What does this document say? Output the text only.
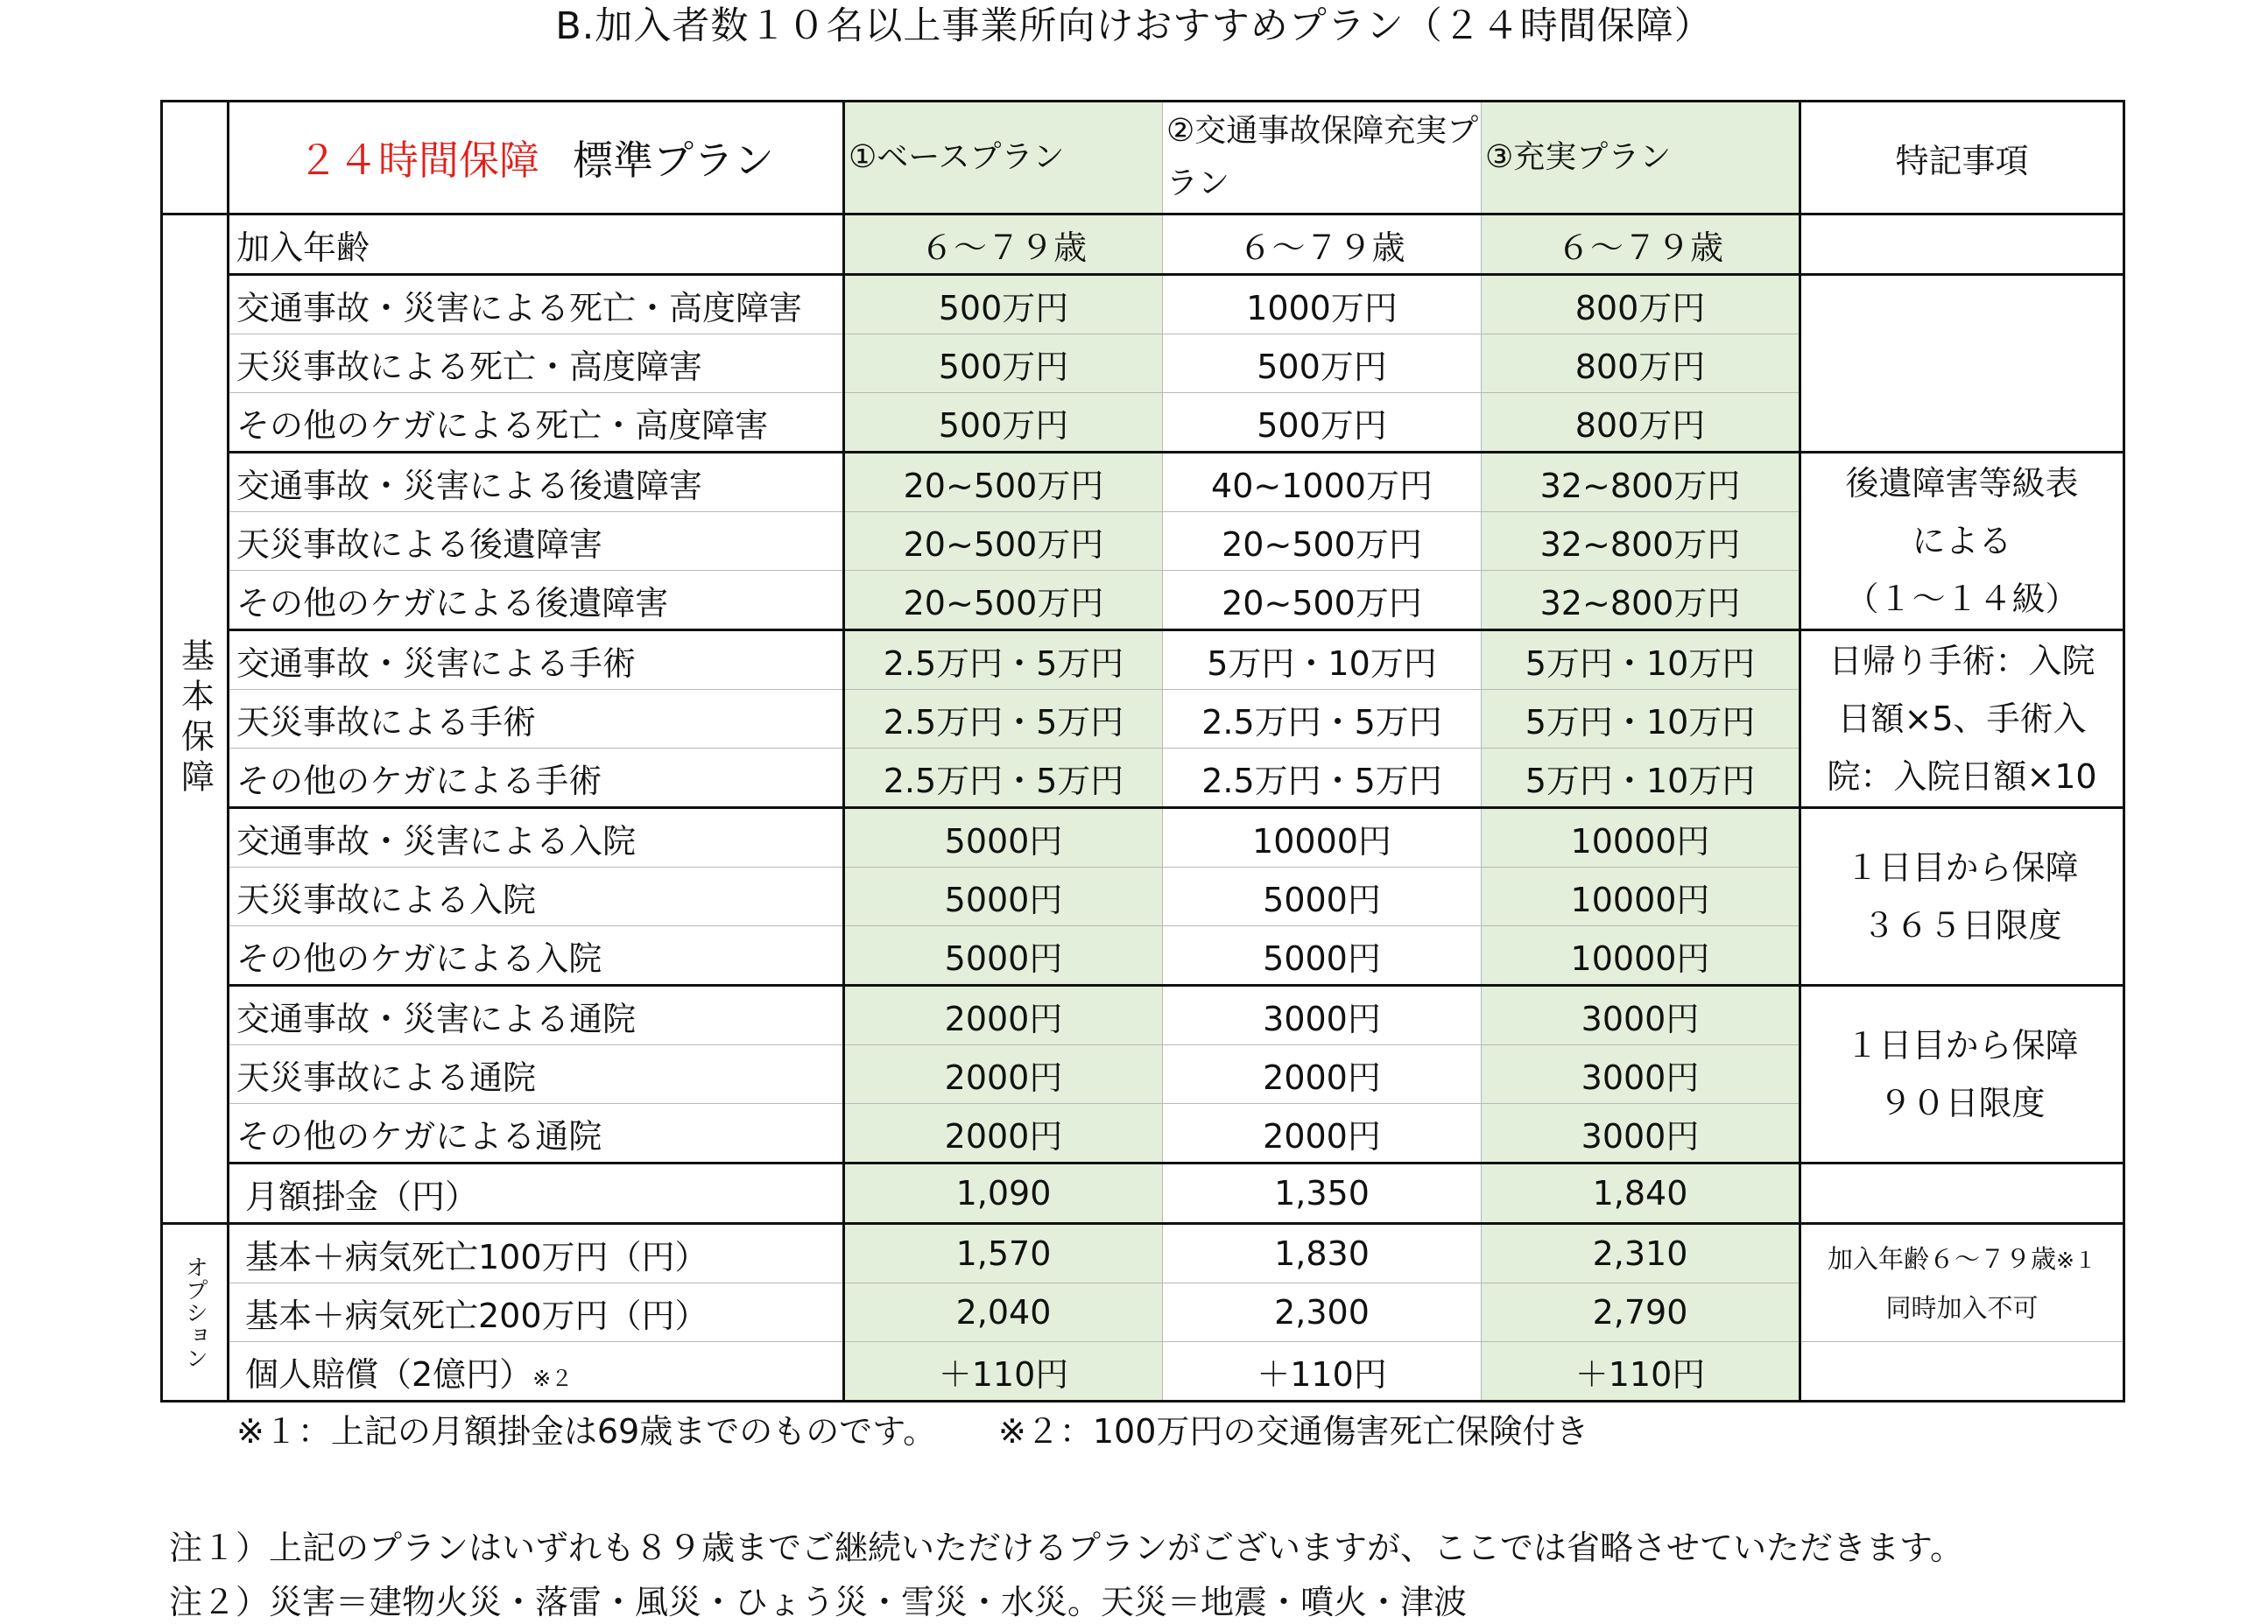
B.加入者数１０名以上事業所向けおすすめプラン（２４時間保障）
	２４時間保障　 標準プラン	①ベースプラン	②交通事故保障充実プラン	③充実プラン	特記事項
基本保障	加入年齢	６～７９歳	６～７９歳	６～７９歳	
	交通事故・災害による死亡・高度障害	500万円	1000万円	800万円	
	天災事故による死亡・高度障害	500万円	500万円	800万円	
	その他のケガによる死亡・高度障害	500万円	500万円	800万円	
	交通事故・災害による後遺障害	20~500万円	40~1000万円	32~800万円	後遺障害等級表
による
（１～１４級）

	天災事故による後遺障害	20~500万円	20~500万円	32~800万円	
	その他のケガによる後遺障害	20~500万円	20~500万円	32~800万円	
	交通事故・災害による手術	2.5万円・5万円	5万円・10万円	5万円・10万円	日帰り手術：入院
日額×5、手術入
院：入院日額×10

	天災事故による手術	2.5万円・5万円	2.5万円・5万円	5万円・10万円	
	その他のケガによる手術	2.5万円・5万円	2.5万円・5万円	5万円・10万円	
	交通事故・災害による入院	5000円	10000円	10000円	１日目から保障
３６５日限度

	天災事故による入院	5000円	5000円	10000円	
	その他のケガによる入院	5000円	5000円	10000円	
	交通事故・災害による通院	2000円	3000円	3000円	１日目から保障
９０日限度

	天災事故による通院	2000円	2000円	3000円	
	その他のケガによる通院	2000円	2000円	3000円	
	月額掛金（円）	1,090	1,350	1,840	
オプション	基本＋病気死亡100万円（円）	1,570	1,830	2,310	加入年齢６～７９歳※１
同時加入不可

	基本＋病気死亡200万円（円）	2,040	2,300	2,790	
	個人賠償（2億円）※２	＋110円	＋110円	＋110円	
※１：上記の月額掛金は69歳までのものです。 ※２：100万円の交通傷害死亡保険付き
注１）上記のプランはいずれも８９歳までご継続いただけるプランがございますが、ここでは省略させていただきます。
注２）災害＝建物火災・落雷・風災・ひょう災・雪災・水災。天災＝地震・噴火・津波
